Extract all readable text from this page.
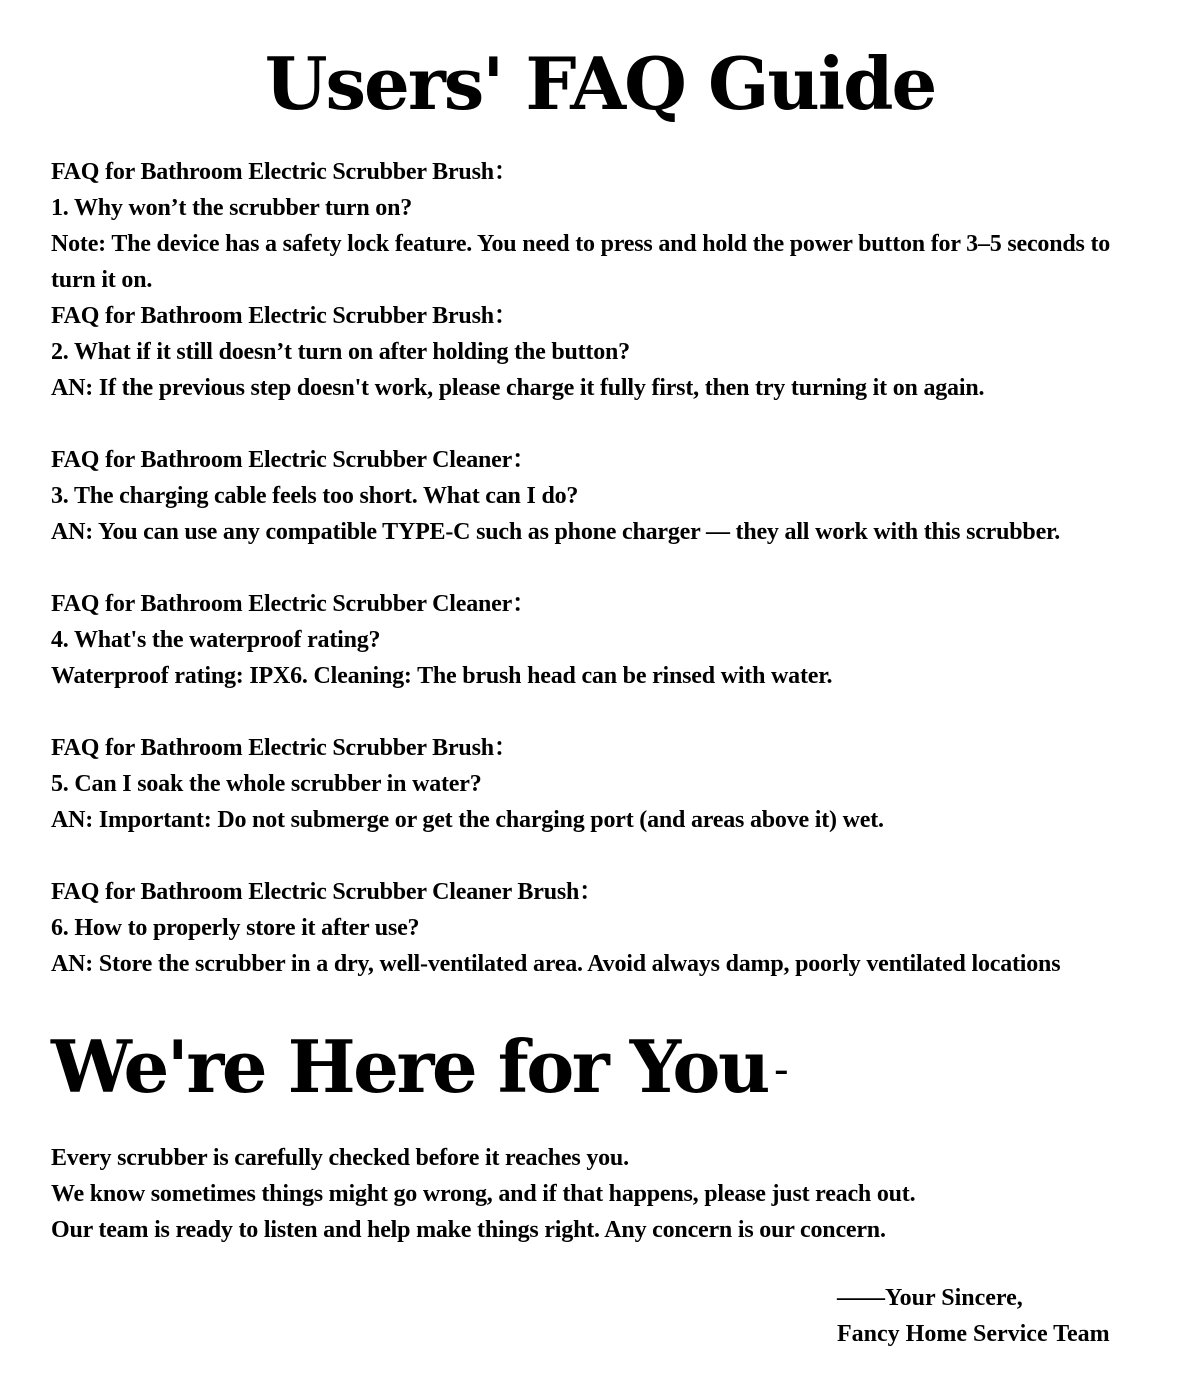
Users' FAQ Guide
FAQ for Bathroom Electric Scrubber Brush：
1. Why won’t the scrubber turn on?
Note: The device has a safety lock feature. You need to press and hold the power button for 3–5 seconds to turn it on.
FAQ for Bathroom Electric Scrubber Brush：
2. What if it still doesn’t turn on after holding the button?
AN: If the previous step doesn't work, please charge it fully first, then try turning it on again.
FAQ for Bathroom Electric Scrubber Cleaner：
3. The charging cable feels too short. What can I do?
AN: You can use any compatible TYPE-C such as phone charger — they all work with this scrubber.
FAQ for Bathroom Electric Scrubber Cleaner：
4. What's the waterproof rating?
Waterproof rating: IPX6. Cleaning: The brush head can be rinsed with water.
FAQ for Bathroom Electric Scrubber Brush：
5. Can I soak the whole scrubber in water?
AN: Important: Do not submerge or get the charging port (and areas above it) wet.
FAQ for Bathroom Electric Scrubber Cleaner Brush：
6. How to properly store it after use?
AN: Store the scrubber in a dry, well-ventilated area. Avoid always damp, poorly ventilated locations
We're Here for You -
Every scrubber is carefully checked before it reaches you.
We know sometimes things might go wrong, and if that happens, please just reach out.
Our team is ready to listen and help make things right. Any concern is our concern.
——Your Sincere,
Fancy Home Service Team
